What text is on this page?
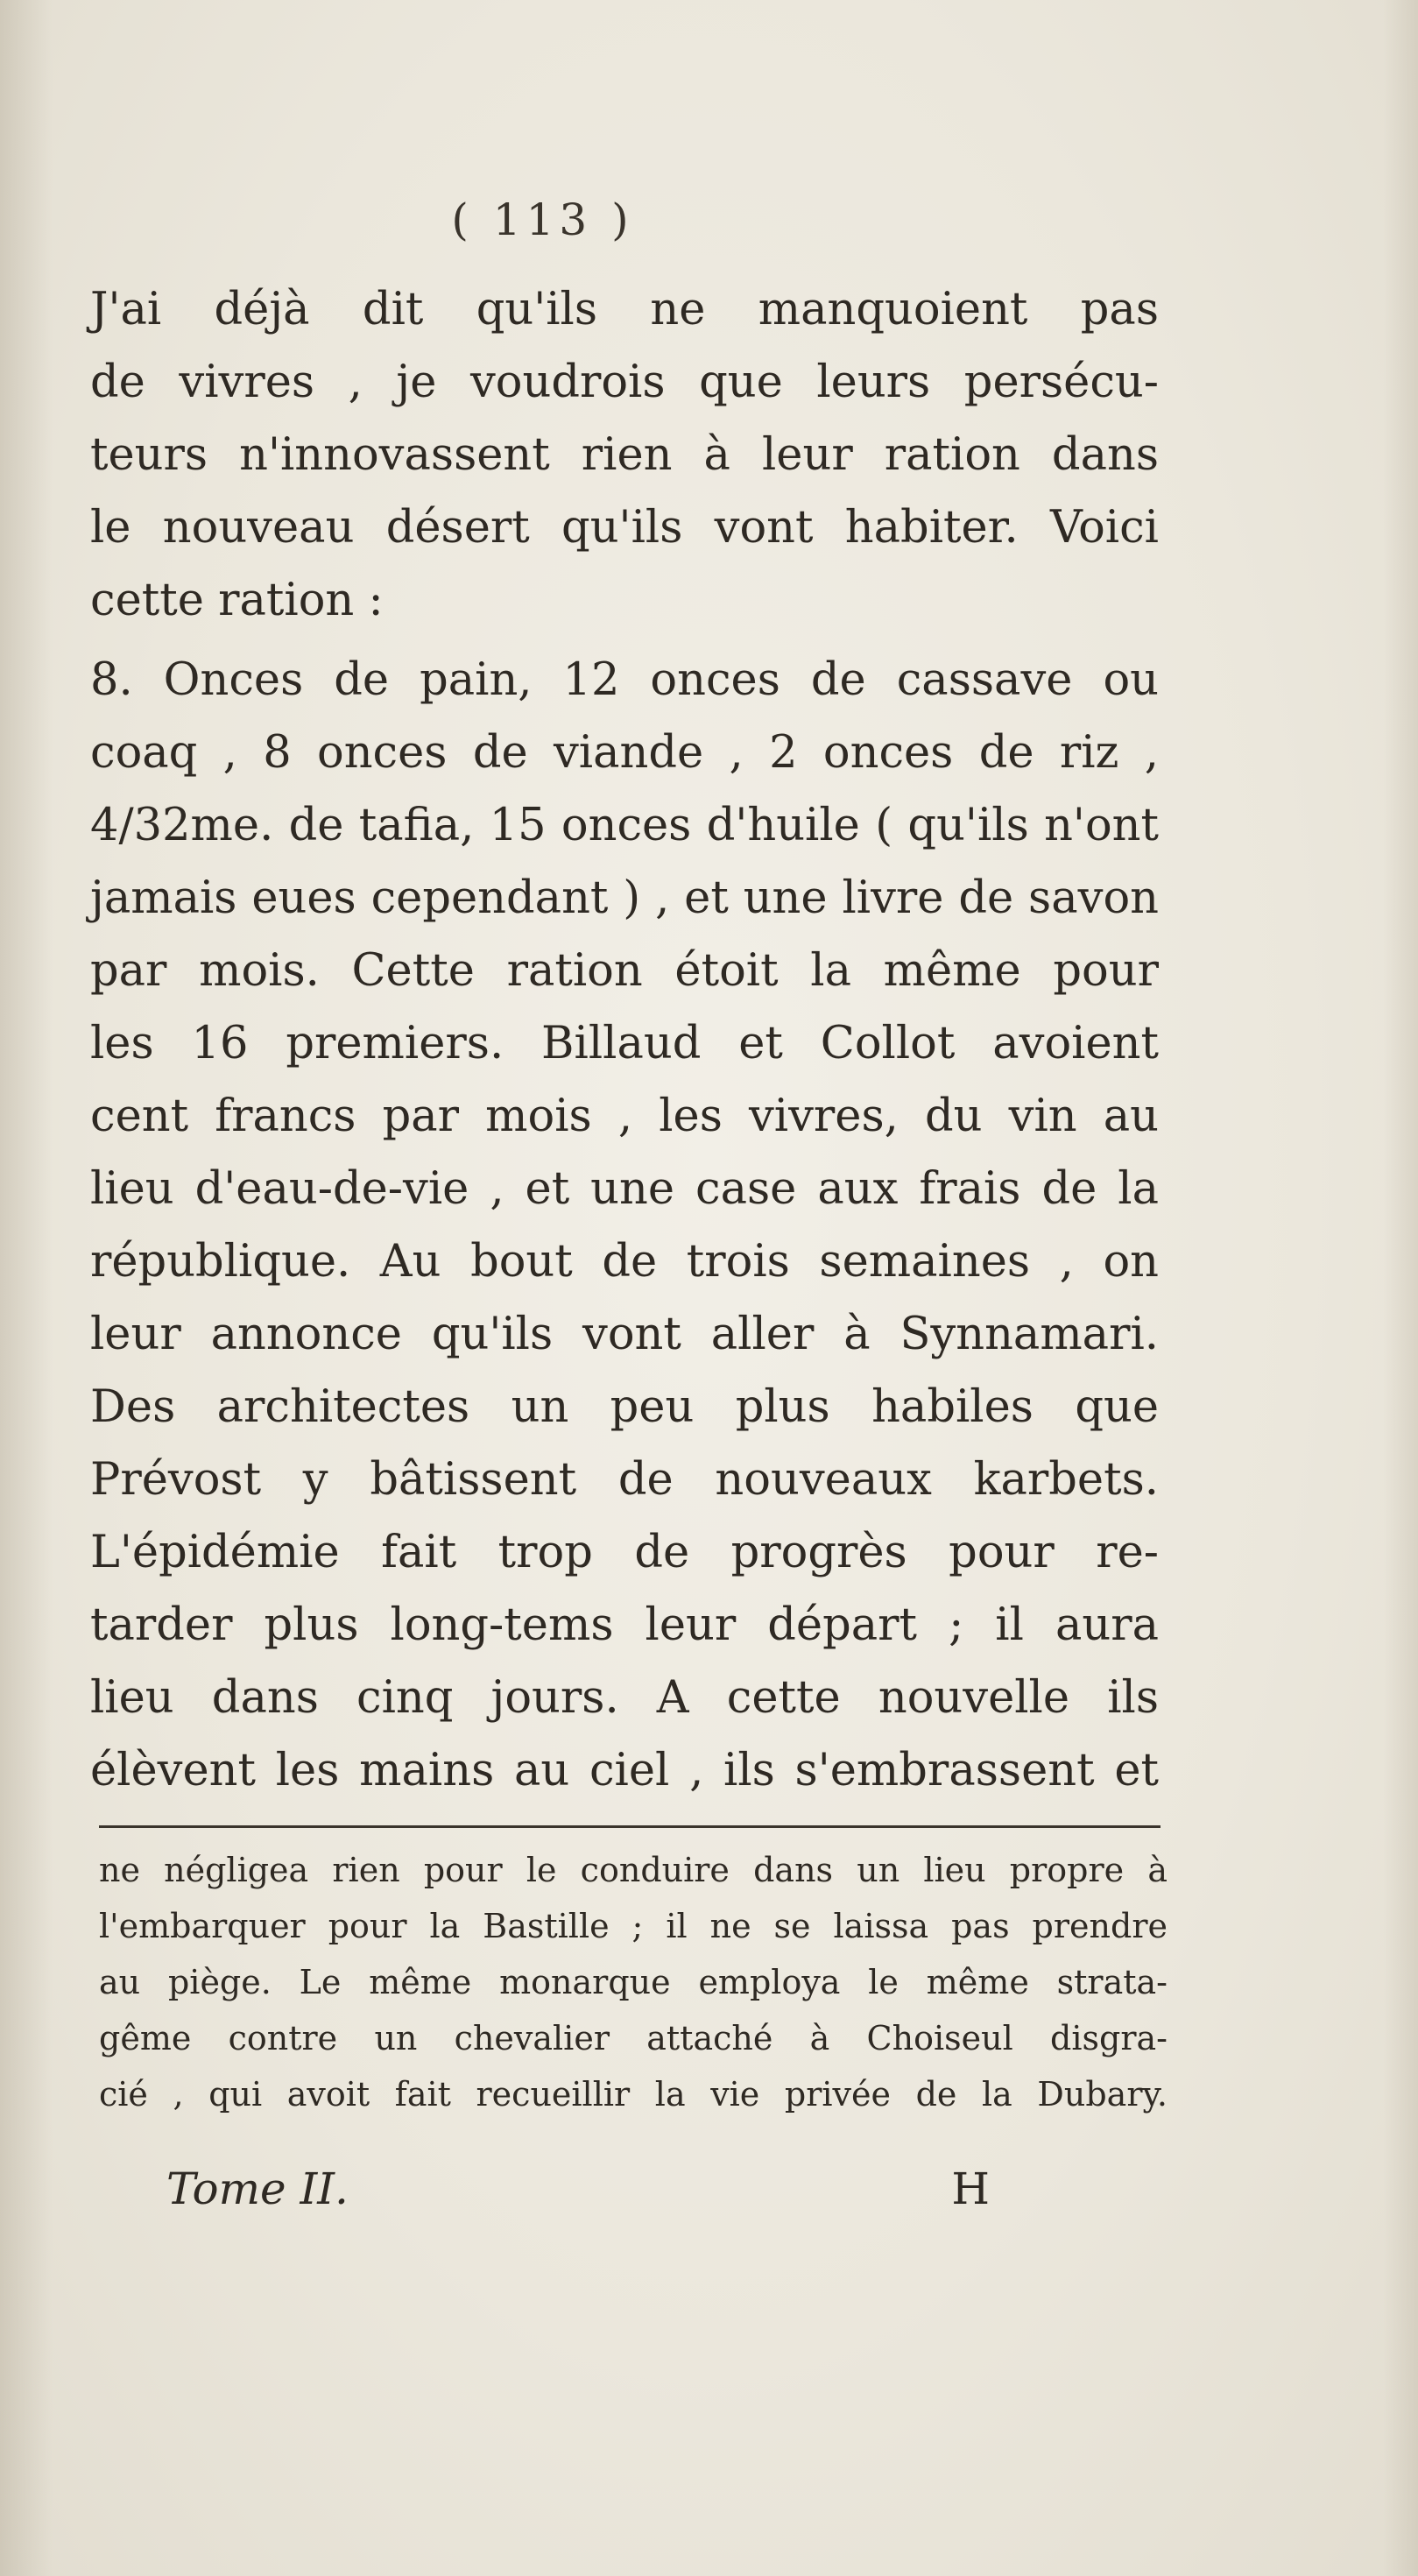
( 113 )
J'ai déjà dit qu'ils ne manquoient pas
de vivres , je voudrois que leurs persécu-
teurs n'innovassent rien à leur ration dans
le nouveau désert qu'ils vont habiter. Voici
cette ration :
8. Onces de pain, 12 onces de cassave ou
coaq , 8 onces de viande , 2 onces de riz ,
4/32me. de tafia, 15 onces d'huile ( qu'ils n'ont
jamais eues cependant ) , et une livre de savon
par mois. Cette ration étoit la même pour
les 16 premiers. Billaud et Collot avoient
cent francs par mois , les vivres, du vin au
lieu d'eau-de-vie , et une case aux frais de la
république. Au bout de trois semaines , on
leur annonce qu'ils vont aller à Synnamari.
Des architectes un peu plus habiles que
Prévost y bâtissent de nouveaux karbets.
L'épidémie fait trop de progrès pour re-
tarder plus long-tems leur départ ; il aura
lieu dans cinq jours. A cette nouvelle ils
élèvent les mains au ciel , ils s'embrassent et
ne négligea rien pour le conduire dans un lieu propre à
l'embarquer pour la Bastille ; il ne se laissa pas prendre
au piège. Le même monarque employa le même strata-
gême contre un chevalier attaché à Choiseul disgra-
cié , qui avoit fait recueillir la vie privée de la Dubary.
Tome II.	H
